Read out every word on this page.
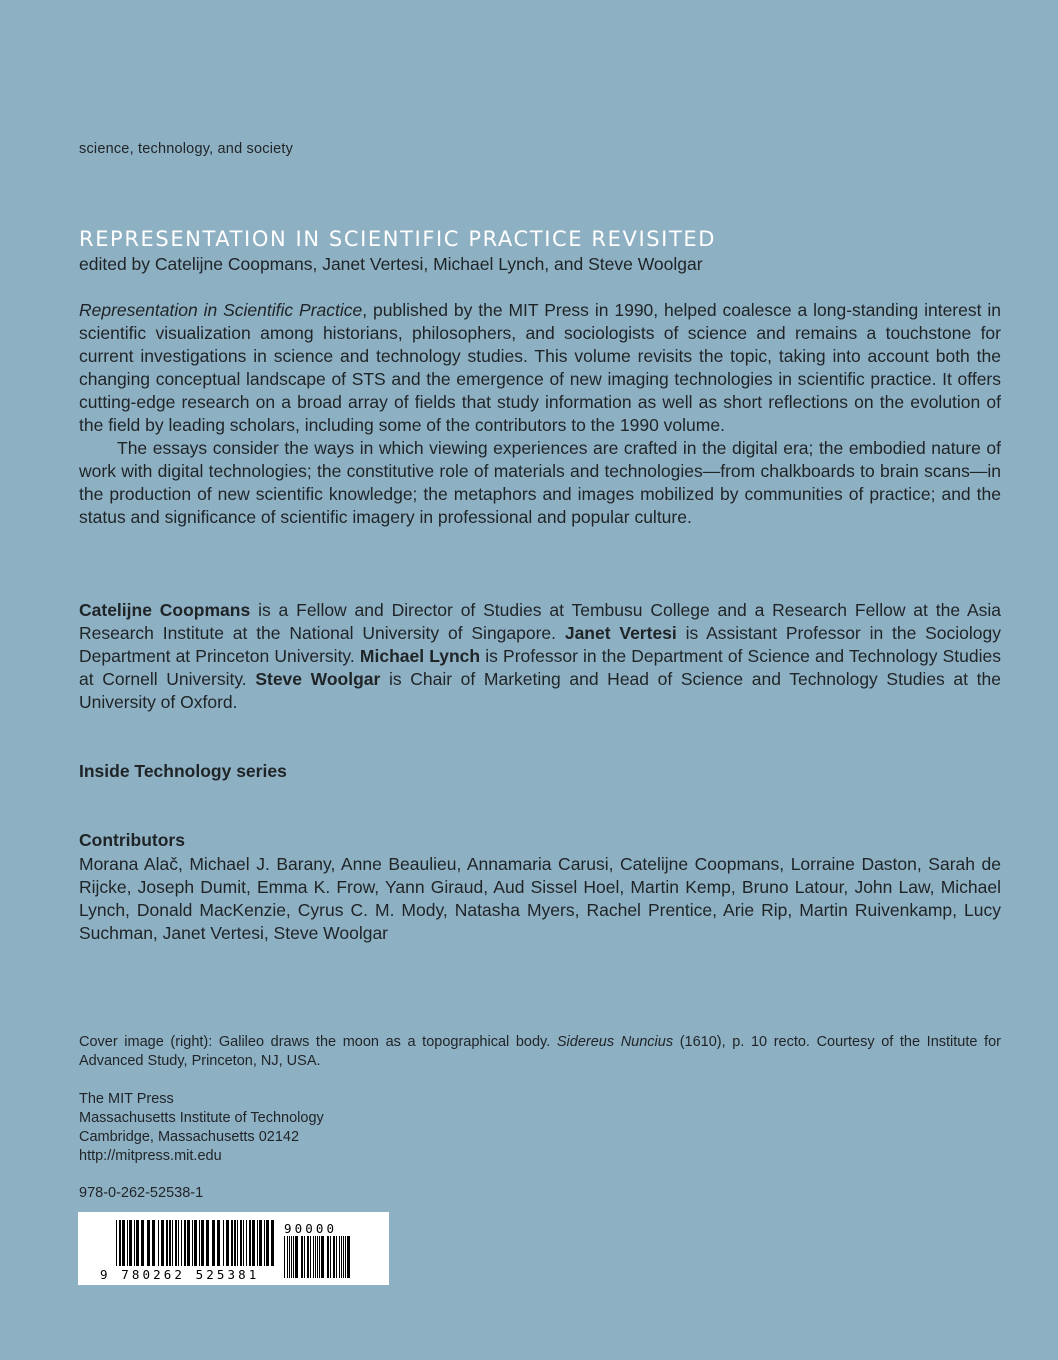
science, technology, and society
REPRESENTATION IN SCIENTIFIC PRACTICE REVISITED
edited by Catelijne Coopmans, Janet Vertesi, Michael Lynch, and Steve Woolgar

Representation in Scientific Practice, published by the MIT Press in 1990, helped coalesce a long-standing interest in scientific visualization among historians, philosophers, and sociologists of science and remains a touchstone for current investigations in science and technology studies. This volume revisits the topic, taking into account both the changing conceptual landscape of STS and the emergence of new imaging technologies in scientific practice. It offers cutting-edge research on a broad array of fields that study information as well as short reflections on the evolution of the field by leading scholars, including some of the contributors to the 1990 volume.

The essays consider the ways in which viewing experiences are crafted in the digital era; the embodied nature of work with digital technologies; the constitutive role of materials and technologies—from chalkboards to brain scans—in the production of new scientific knowledge; the metaphors and images mobilized by communities of practice; and the status and significance of scientific imagery in professional and popular culture.

Catelijne Coopmans is a Fellow and Director of Studies at Tembusu College and a Research Fellow at the Asia Research Institute at the National University of Singapore. Janet Vertesi is Assistant Professor in the Sociology Department at Princeton University. Michael Lynch is Professor in the Department of Science and Technology Studies at Cornell University. Steve Woolgar is Chair of Marketing and Head of Science and Technology Studies at the University of Oxford.
Inside Technology series
Contributors
Morana Alač, Michael J. Barany, Anne Beaulieu, Annamaria Carusi, Catelijne Coopmans, Lorraine Daston, Sarah de Rijcke, Joseph Dumit, Emma K. Frow, Yann Giraud, Aud Sissel Hoel, Martin Kemp, Bruno Latour, John Law, Michael Lynch, Donald MacKenzie, Cyrus C. M. Mody, Natasha Myers, Rachel Prentice, Arie Rip, Martin Ruivenkamp, Lucy Suchman, Janet Vertesi, Steve Woolgar
Cover image (right): Galileo draws the moon as a topographical body. Sidereus Nuncius (1610), p. 10 recto. Courtesy of the Institute for Advanced Study, Princeton, NJ, USA.
The MIT Press
Massachusetts Institute of Technology
Cambridge, Massachusetts 02142
http://mitpress.mit.edu
978-0-262-52538-1
9 780262 525381
90000
